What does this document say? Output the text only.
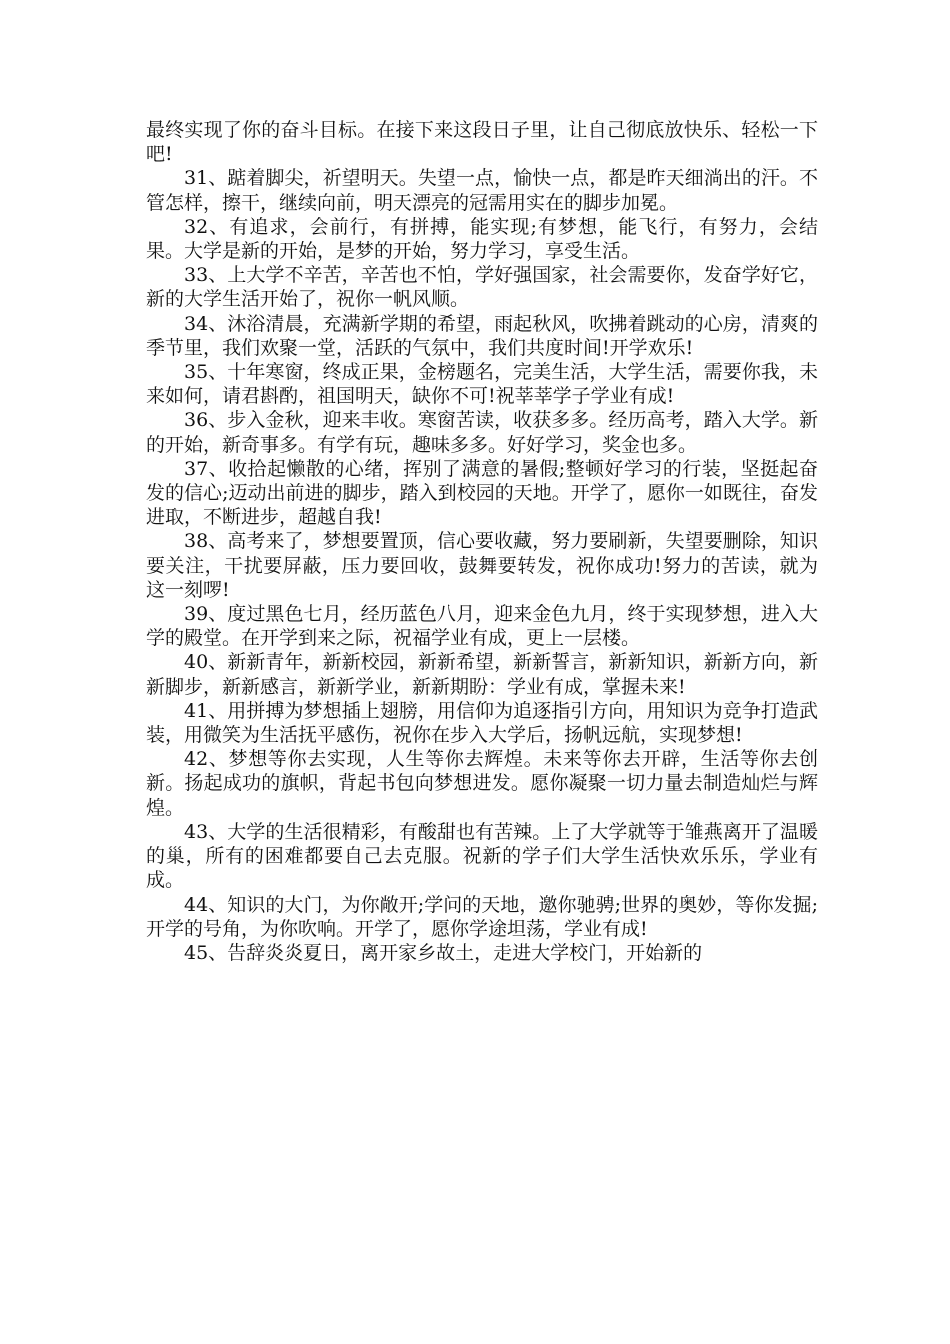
最终实现了你的奋斗目标。在接下来这段日子里，让自己彻底放快乐、轻松一下吧!

31、踮着脚尖，祈望明天。失望一点，愉快一点，都是昨天细淌出的汗。不管怎样，擦干，继续向前，明天漂亮的冠需用实在的脚步加冕。

32、有追求，会前行，有拼搏，能实现;有梦想，能飞行，有努力，会结果。大学是新的开始，是梦的开始，努力学习，享受生活。

33、上大学不辛苦，辛苦也不怕，学好强国家，社会需要你，发奋学好它，新的大学生活开始了，祝你一帆风顺。

34、沐浴清晨，充满新学期的希望，雨起秋风，吹拂着跳动的心房，清爽的季节里，我们欢聚一堂，活跃的气氛中，我们共度时间!开学欢乐!

35、十年寒窗，终成正果，金榜题名，完美生活，大学生活，需要你我，未来如何，请君斟酌，祖国明天，缺你不可!祝莘莘学子学业有成!

36、步入金秋，迎来丰收。寒窗苦读，收获多多。经历高考，踏入大学。新的开始，新奇事多。有学有玩，趣味多多。好好学习，奖金也多。

37、收拾起懒散的心绪，挥别了满意的暑假;整顿好学习的行装，坚挺起奋发的信心;迈动出前进的脚步，踏入到校园的天地。开学了，愿你一如既往，奋发进取，不断进步，超越自我!

38、高考来了，梦想要置顶，信心要收藏，努力要刷新，失望要删除，知识要关注，干扰要屏蔽，压力要回收，鼓舞要转发，祝你成功!努力的苦读，就为这一刻啰!

39、度过黑色七月，经历蓝色八月，迎来金色九月，终于实现梦想，进入大学的殿堂。在开学到来之际，祝福学业有成，更上一层楼。

40、新新青年，新新校园，新新希望，新新誓言，新新知识，新新方向，新新脚步，新新感言，新新学业，新新期盼：学业有成，掌握未来!

41、用拼搏为梦想插上翅膀，用信仰为追逐指引方向，用知识为竞争打造武装，用微笑为生活抚平感伤，祝你在步入大学后，扬帆远航，实现梦想!

42、梦想等你去实现，人生等你去辉煌。未来等你去开辟，生活等你去创新。扬起成功的旗帜，背起书包向梦想进发。愿你凝聚一切力量去制造灿烂与辉煌。

43、大学的生活很精彩，有酸甜也有苦辣。上了大学就等于雏燕离开了温暖的巢，所有的困难都要自己去克服。祝新的学子们大学生活快欢乐乐，学业有成。

44、知识的大门，为你敞开;学问的天地，邀你驰骋;世界的奥妙，等你发掘;开学的号角，为你吹响。开学了，愿你学途坦荡，学业有成!

45、告辞炎炎夏日，离开家乡故土，走进大学校门，开始新的
